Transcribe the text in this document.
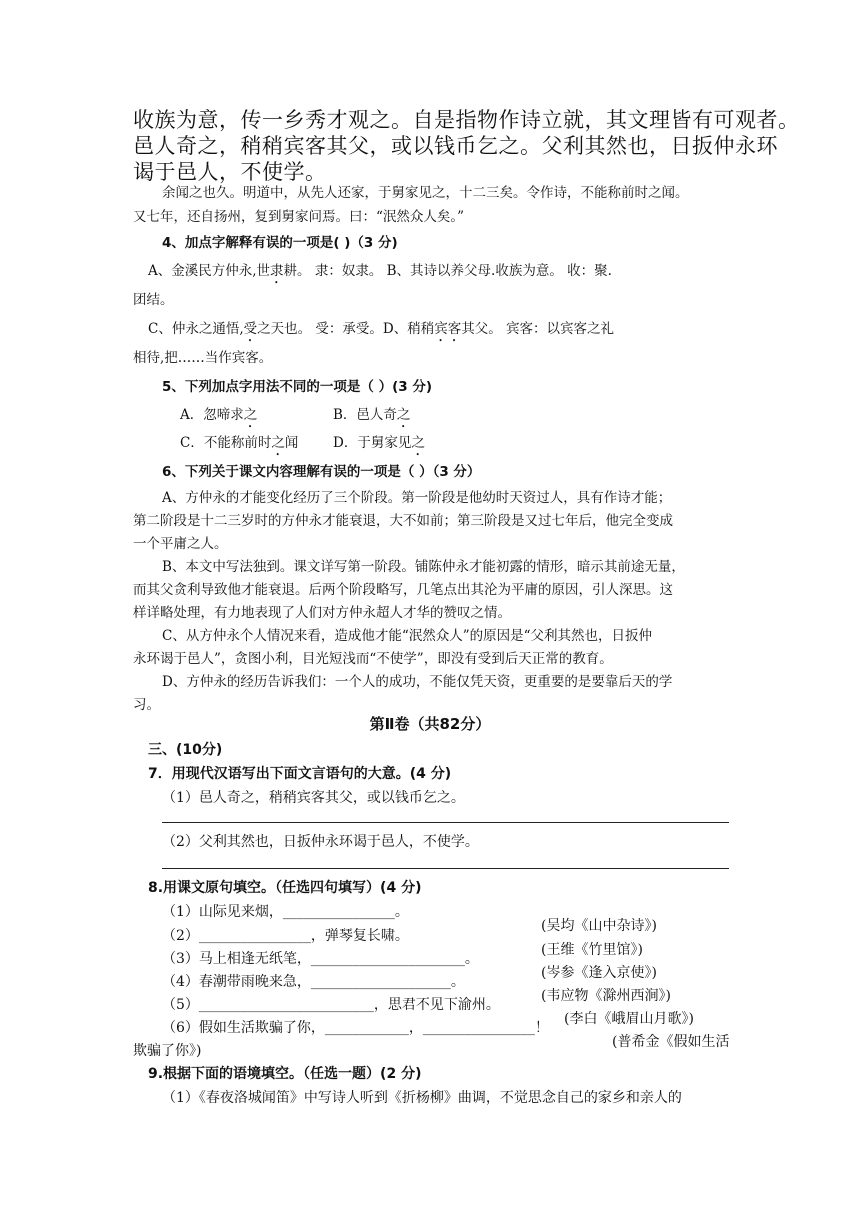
收族为意，传一乡秀才观之。自是指物作诗立就，其文理皆有可观者。

邑人奇之，稍稍宾客其父，或以钱币乞之。父利其然也，日扳仲永环

谒于邑人，不使学。

余闻之也久。明道中，从先人还家，于舅家见之，十二三矣。令作诗，不能称前时之闻。

又七年，还自扬州，复到舅家问焉。曰：“泯然众人矣。”

4、加点字解释有误的一项是( )（3 分)

A、金溪民方仲永,世隶耕。 隶：奴隶。 B、其诗以养父母.收族为意。 收：聚.

团结。

C、仲永之通悟,受之天也。 受：承受。D、稍稍宾客其父。 宾客：以宾客之礼

相待,把……当作宾客。

5、下列加点字用法不同的一项是（ ）(3 分)

A．忽啼求之	B．邑人奇之

C．不能称前时之闻	D．于舅家见之

6、下列关于课文内容理解有误的一项是（ ）（3 分）

A、方仲永的才能变化经历了三个阶段。第一阶段是他幼时天资过人，具有作诗才能；

第二阶段是十二三岁时的方仲永才能衰退，大不如前；第三阶段是又过七年后，他完全变成

一个平庸之人。

B、本文中写法独到。课文详写第一阶段。铺陈仲永才能初露的情形，暗示其前途无量，

而其父贪利导致他才能衰退。后两个阶段略写，几笔点出其沦为平庸的原因，引人深思。这

样详略处理，有力地表现了人们对方仲永超人才华的赞叹之情。

C、从方仲永个人情况来看，造成他才能“泯然众人”的原因是“父利其然也，日扳仲

永环谒于邑人”，贪图小利，目光短浅而“不使学”，即没有受到后天正常的教育。

D、方仲永的经历告诉我们：一个人的成功，不能仅凭天资，更重要的是要靠后天的学

习。

第Ⅱ卷（共82分）

三、(10分)

7．用现代汉语写出下面文言语句的大意。(4 分)

（1）邑人奇之，稍稍宾客其父，或以钱币乞之。

（2）父利其然也，日扳仲永环谒于邑人，不使学。

8.用课文原句填空。（任选四句填写）(4 分)

（1）山际见来烟，________________。

(吴均《山中杂诗》)

（2）________________，弹琴复长啸。

(王维《竹里馆》)

（3）马上相逢无纸笔，______________________。

(岑参《逢入京使》)

（4）春潮带雨晚来急，____________________。

(韦应物《滁州西涧》)

（5）_________________________，思君不见下渝州。

(李白《峨眉山月歌》)

（6）假如生活欺骗了你，____________，________________！

(普希金《假如生活

欺骗了你》)

9.根据下面的语境填空。（任选一题）(2 分)

（1）《春夜洛城闻笛》中写诗人听到《折杨柳》曲调，不觉思念自己的家乡和亲人的
